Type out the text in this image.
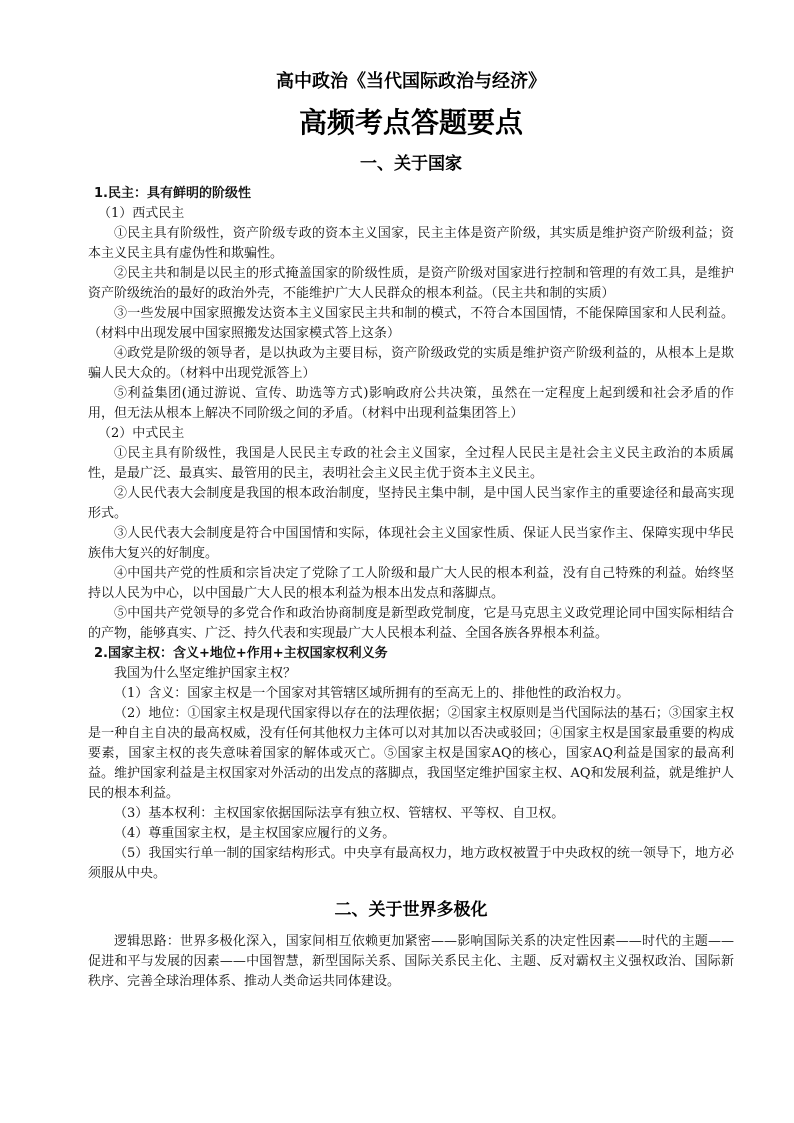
高中政治《当代国际政治与经济》
高频考点答题要点
一、关于国家
1.民主：具有鲜明的阶级性
（1）西式民主

①民主具有阶级性，资产阶级专政的资本主义国家，民主主体是资产阶级，其实质是维护资产阶级利益；资本主义民主具有虚伪性和欺骗性。

②民主共和制是以民主的形式掩盖国家的阶级性质，是资产阶级对国家进行控制和管理的有效工具，是维护资产阶级统治的最好的政治外壳，不能维护广大人民群众的根本利益。（民主共和制的实质）

③一些发展中国家照搬发达资本主义国家民主共和制的模式，不符合本国国情，不能保障国家和人民利益。（材料中出现发展中国家照搬发达国家模式答上这条）

④政党是阶级的领导者，是以执政为主要目标，资产阶级政党的实质是维护资产阶级利益的，从根本上是欺骗人民大众的。（材料中出现党派答上）

⑤利益集团(通过游说、宣传、助选等方式)影响政府公共决策，虽然在一定程度上起到缓和社会矛盾的作用，但无法从根本上解决不同阶级之间的矛盾。（材料中出现利益集团答上）

（2）中式民主

①民主具有阶级性，我国是人民民主专政的社会主义国家，全过程人民民主是社会主义民主政治的本质属性，是最广泛、最真实、最管用的民主，表明社会主义民主优于资本主义民主。

②人民代表大会制度是我国的根本政治制度，坚持民主集中制，是中国人民当家作主的重要途径和最高实现形式。

③人民代表大会制度是符合中国国情和实际，体现社会主义国家性质、保证人民当家作主、保障实现中华民族伟大复兴的好制度。

④中国共产党的性质和宗旨决定了党除了工人阶级和最广大人民的根本利益，没有自己特殊的利益。始终坚持以人民为中心，以中国最广大人民的根本利益为根本出发点和落脚点。

⑤中国共产党领导的多党合作和政治协商制度是新型政党制度，它是马克思主义政党理论同中国实际相结合的产物，能够真实、广泛、持久代表和实现最广大人民根本利益、全国各族各界根本利益。

2.国家主权：含义+地位+作用+主权国家权利义务

我国为什么坚定维护国家主权？

（1）含义：国家主权是一个国家对其管辖区域所拥有的至高无上的、排他性的政治权力。

（2）地位：①国家主权是现代国家得以存在的法理依据；②国家主权原则是当代国际法的基石；③国家主权是一种自主自决的最高权威，没有任何其他权力主体可以对其加以否决或驳回；④国家主权是国家最重要的构成要素，国家主权的丧失意味着国家的解体或灭亡。⑤国家主权是国家AQ的核心，国家AQ利益是国家的最高利益。维护国家利益是主权国家对外活动的出发点的落脚点，我国坚定维护国家主权、AQ和发展利益，就是维护人民的根本利益。

（3）基本权利：主权国家依据国际法享有独立权、管辖权、平等权、自卫权。

（4）尊重国家主权，是主权国家应履行的义务。

（5）我国实行单一制的国家结构形式。中央享有最高权力，地方政权被置于中央政权的统一领导下，地方必须服从中央。

二、关于世界多极化

逻辑思路：世界多极化深入，国家间相互依赖更加紧密——影响国际关系的决定性因素——时代的主题——促进和平与发展的因素——中国智慧，新型国际关系、国际关系民主化、主题、反对霸权主义强权政治、国际新秩序、完善全球治理体系、推动人类命运共同体建设。
